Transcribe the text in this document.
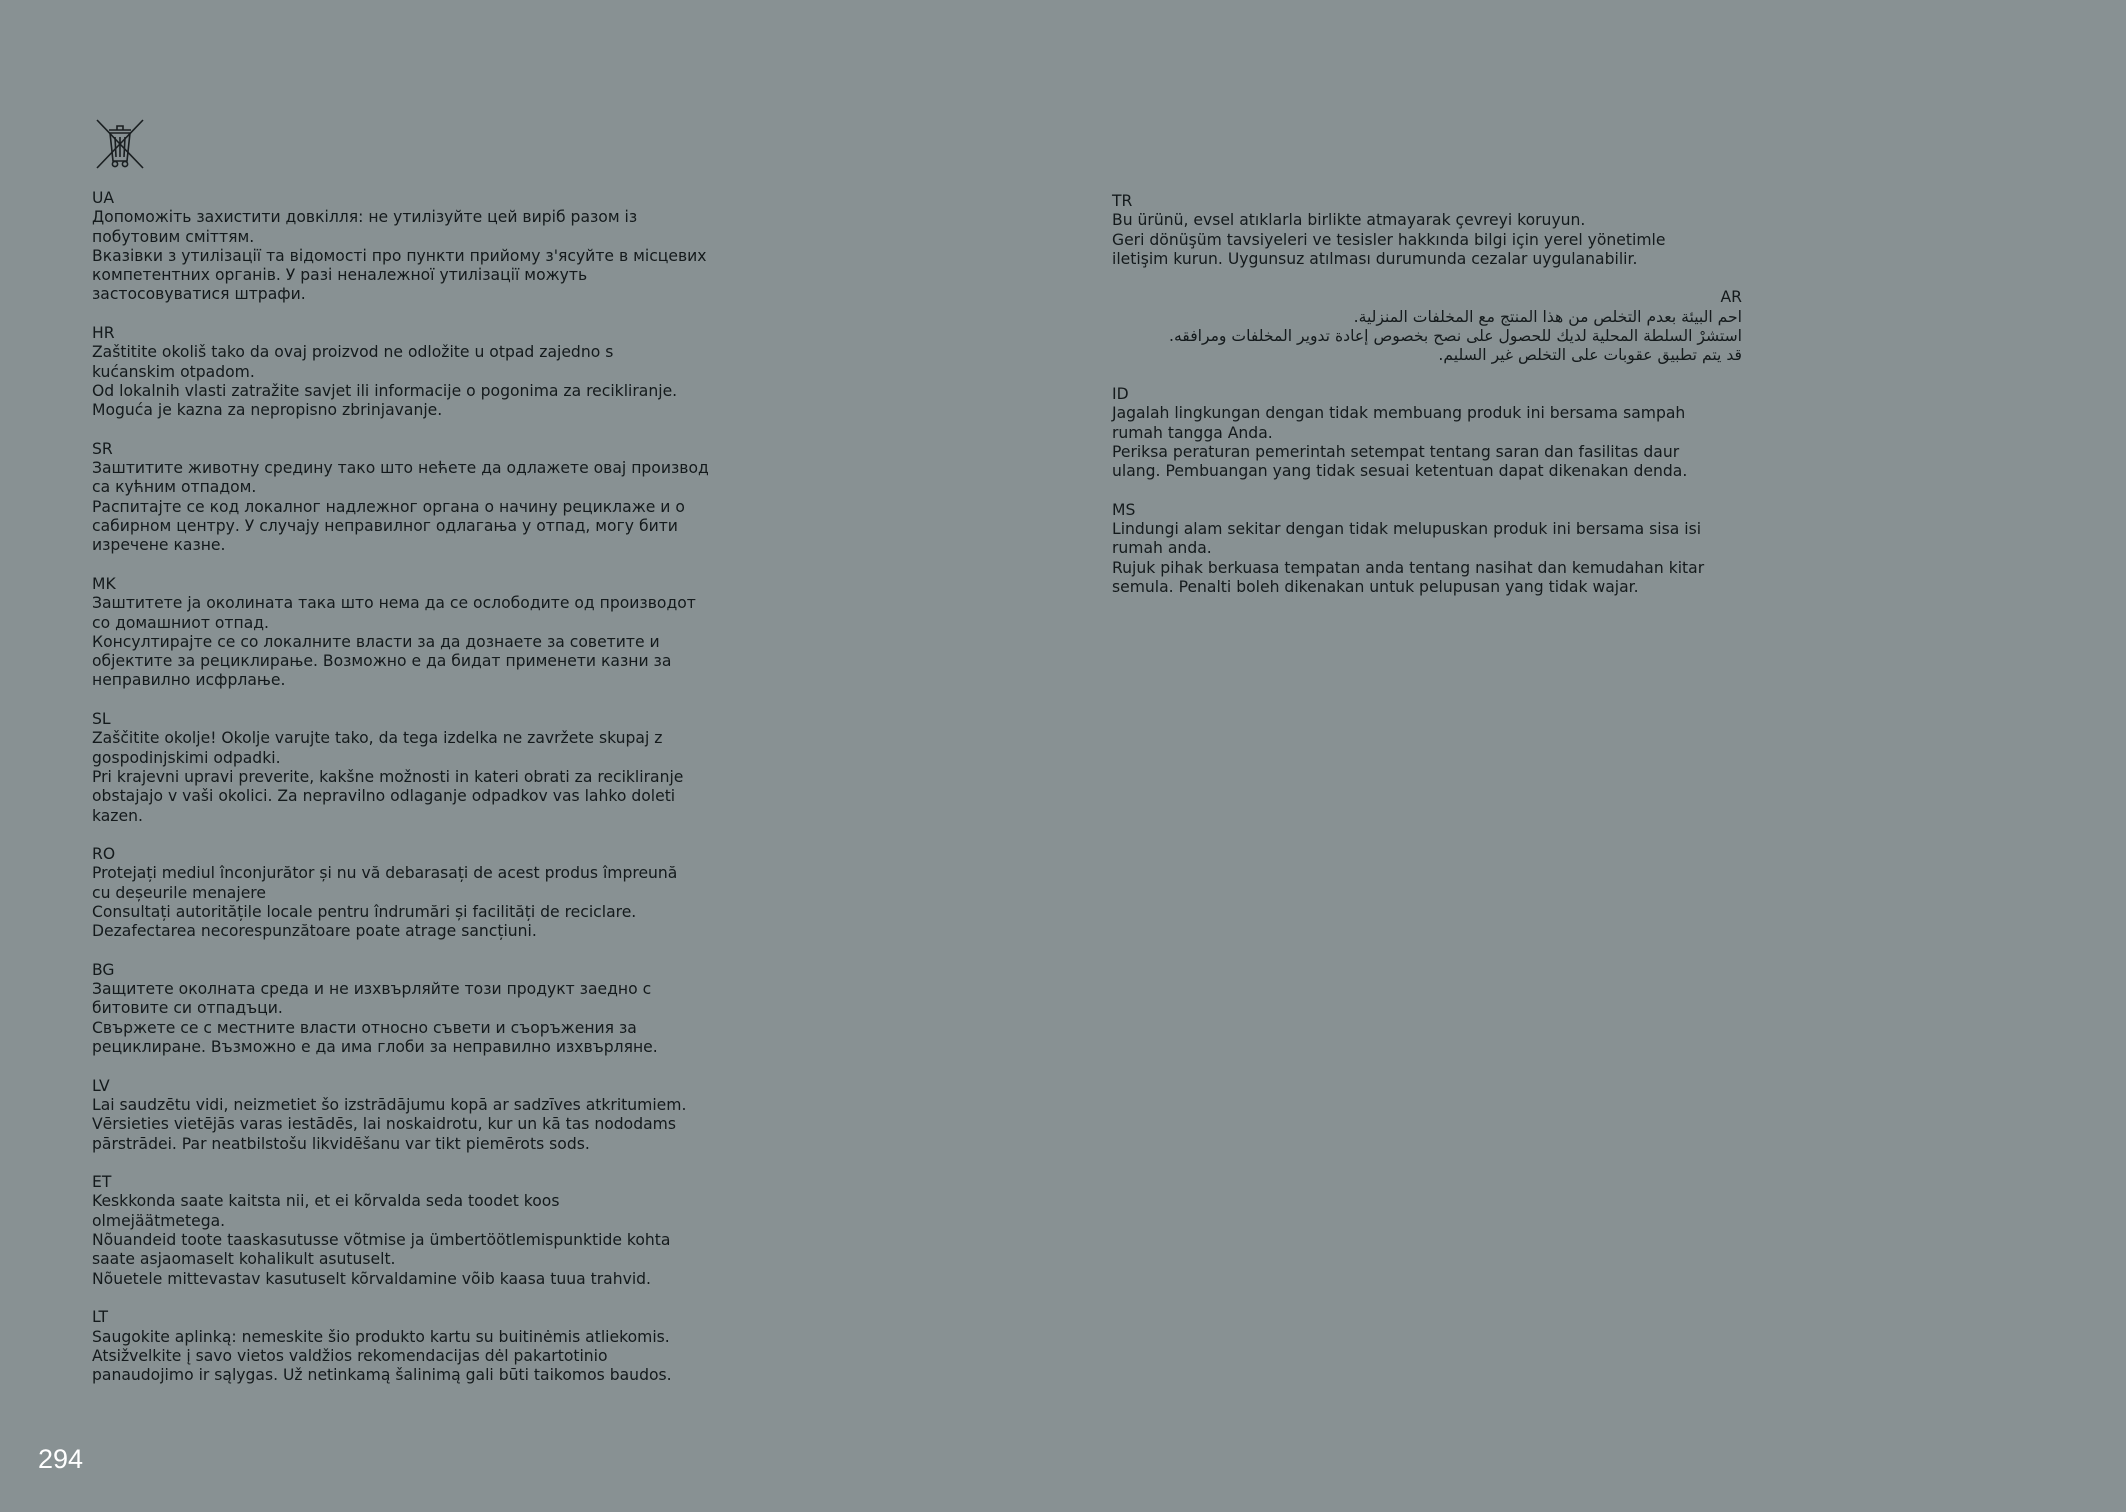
UA
Допоможіть захистити довкілля: не утилізуйте цей виріб разом із
побутовим сміттям.
Вказівки з утилізації та відомості про пункти прийому з'ясуйте в місцевих
компетентних органів. У разі неналежної утилізації можуть
застосовуватися штрафи.
HR
Zaštitite okoliš tako da ovaj proizvod ne odložite u otpad zajedno s
kućanskim otpadom.
Od lokalnih vlasti zatražite savjet ili informacije o pogonima za recikliranje.
Moguća je kazna za nepropisno zbrinjavanje.
SR
Заштитите животну средину тако што нећете да одлажете овај производ
са кућним отпадом.
Распитајте се код локалног надлежног органа о начину рециклаже и о
сабирном центру. У случају неправилног одлагања у отпад, могу бити
изречене казне.
MK
Заштитете ја околината така што нема да се ослободите од производот
со домашниот отпад.
Консултирајте се со локалните власти за да дознаете за советите и
објектите за рециклирање. Возможно е да бидат применети казни за
неправилно исфрлање.
SL
Zaščitite okolje! Okolje varujte tako, da tega izdelka ne zavržete skupaj z
gospodinjskimi odpadki.
Pri krajevni upravi preverite, kakšne možnosti in kateri obrati za recikliranje
obstajajo v vaši okolici. Za nepravilno odlaganje odpadkov vas lahko doleti
kazen.
RO
Protejați mediul înconjurător și nu vă debarasați de acest produs împreună
cu deșeurile menajere
Consultați autoritățile locale pentru îndrumări și facilități de reciclare.
Dezafectarea necorespunzătoare poate atrage sancțiuni.
BG
Защитете околната среда и не изхвърляйте този продукт заедно с
битовите си отпадъци.
Свържете се с местните власти относно съвети и съоръжения за
рециклиране. Възможно е да има глоби за неправилно изхвърляне.
LV
Lai saudzētu vidi, neizmetiet šo izstrādājumu kopā ar sadzīves atkritumiem.
Vērsieties vietējās varas iestādēs, lai noskaidrotu, kur un kā tas nododams
pārstrādei. Par neatbilstošu likvidēšanu var tikt piemērots sods.
ET
Keskkonda saate kaitsta nii, et ei kõrvalda seda toodet koos
olmejäätmetega.
Nõuandeid toote taaskasutusse võtmise ja ümbertöötlemispunktide kohta
saate asjaomaselt kohalikult asutuselt.
Nõuetele mittevastav kasutuselt kõrvaldamine võib kaasa tuua trahvid.
LT
Saugokite aplinką: nemeskite šio produkto kartu su buitinėmis atliekomis.
Atsižvelkite į savo vietos valdžios rekomendacijas dėl pakartotinio
panaudojimo ir sąlygas. Už netinkamą šalinimą gali būti taikomos baudos.
TR
Bu ürünü, evsel atıklarla birlikte atmayarak çevreyi koruyun.
Geri dönüşüm tavsiyeleri ve tesisler hakkında bilgi için yerel yönetimle
iletişim kurun. Uygunsuz atılması durumunda cezalar uygulanabilir.
AR
احم البيئة بعدم التخلص من هذا المنتج مع المخلفات المنزلية.
استشرْ السلطة المحلية لديك للحصول على نصح بخصوص إعادة تدوير المخلفات ومرافقه.
قد يتم تطبيق عقوبات على التخلص غير السليم.
ID
Jagalah lingkungan dengan tidak membuang produk ini bersama sampah
rumah tangga Anda.
Periksa peraturan pemerintah setempat tentang saran dan fasilitas daur
ulang. Pembuangan yang tidak sesuai ketentuan dapat dikenakan denda.
MS
Lindungi alam sekitar dengan tidak melupuskan produk ini bersama sisa isi
rumah anda.
Rujuk pihak berkuasa tempatan anda tentang nasihat dan kemudahan kitar
semula. Penalti boleh dikenakan untuk pelupusan yang tidak wajar.
294
